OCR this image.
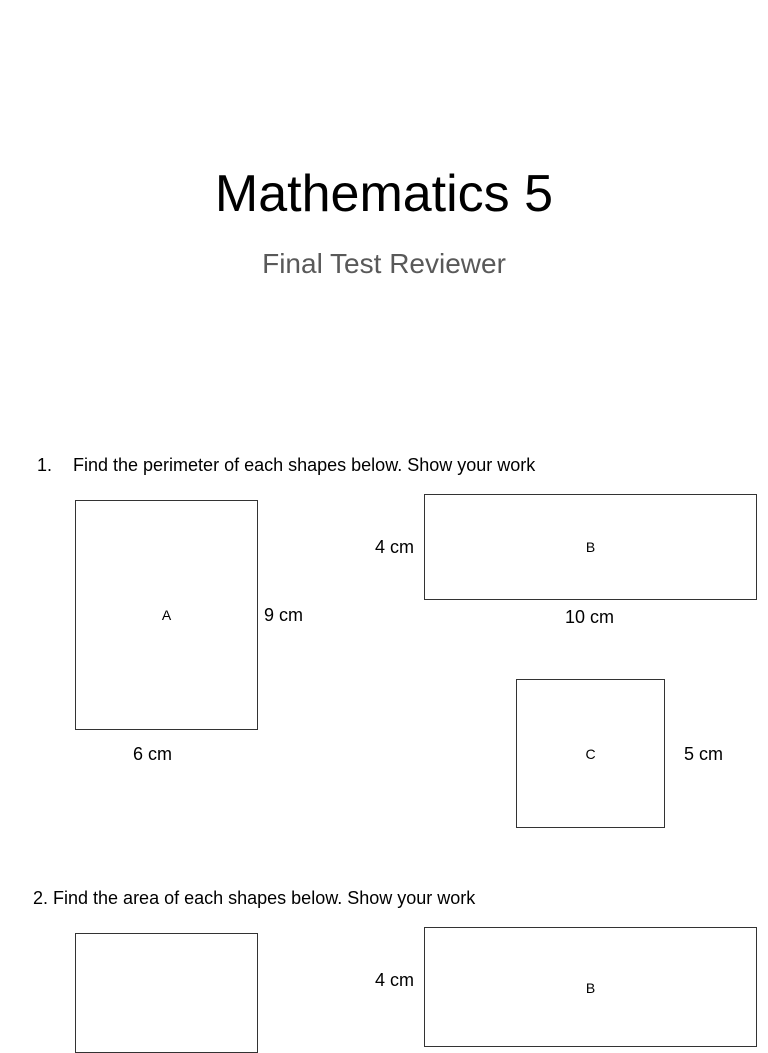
Mathematics 5
Final Test Reviewer
1. Find the perimeter of each shapes below. Show your work
A	9 cm
6 cm
B
4 cm
10 cm
C	5 cm
2. Find the area of each shapes below. Show your work
B
4 cm
